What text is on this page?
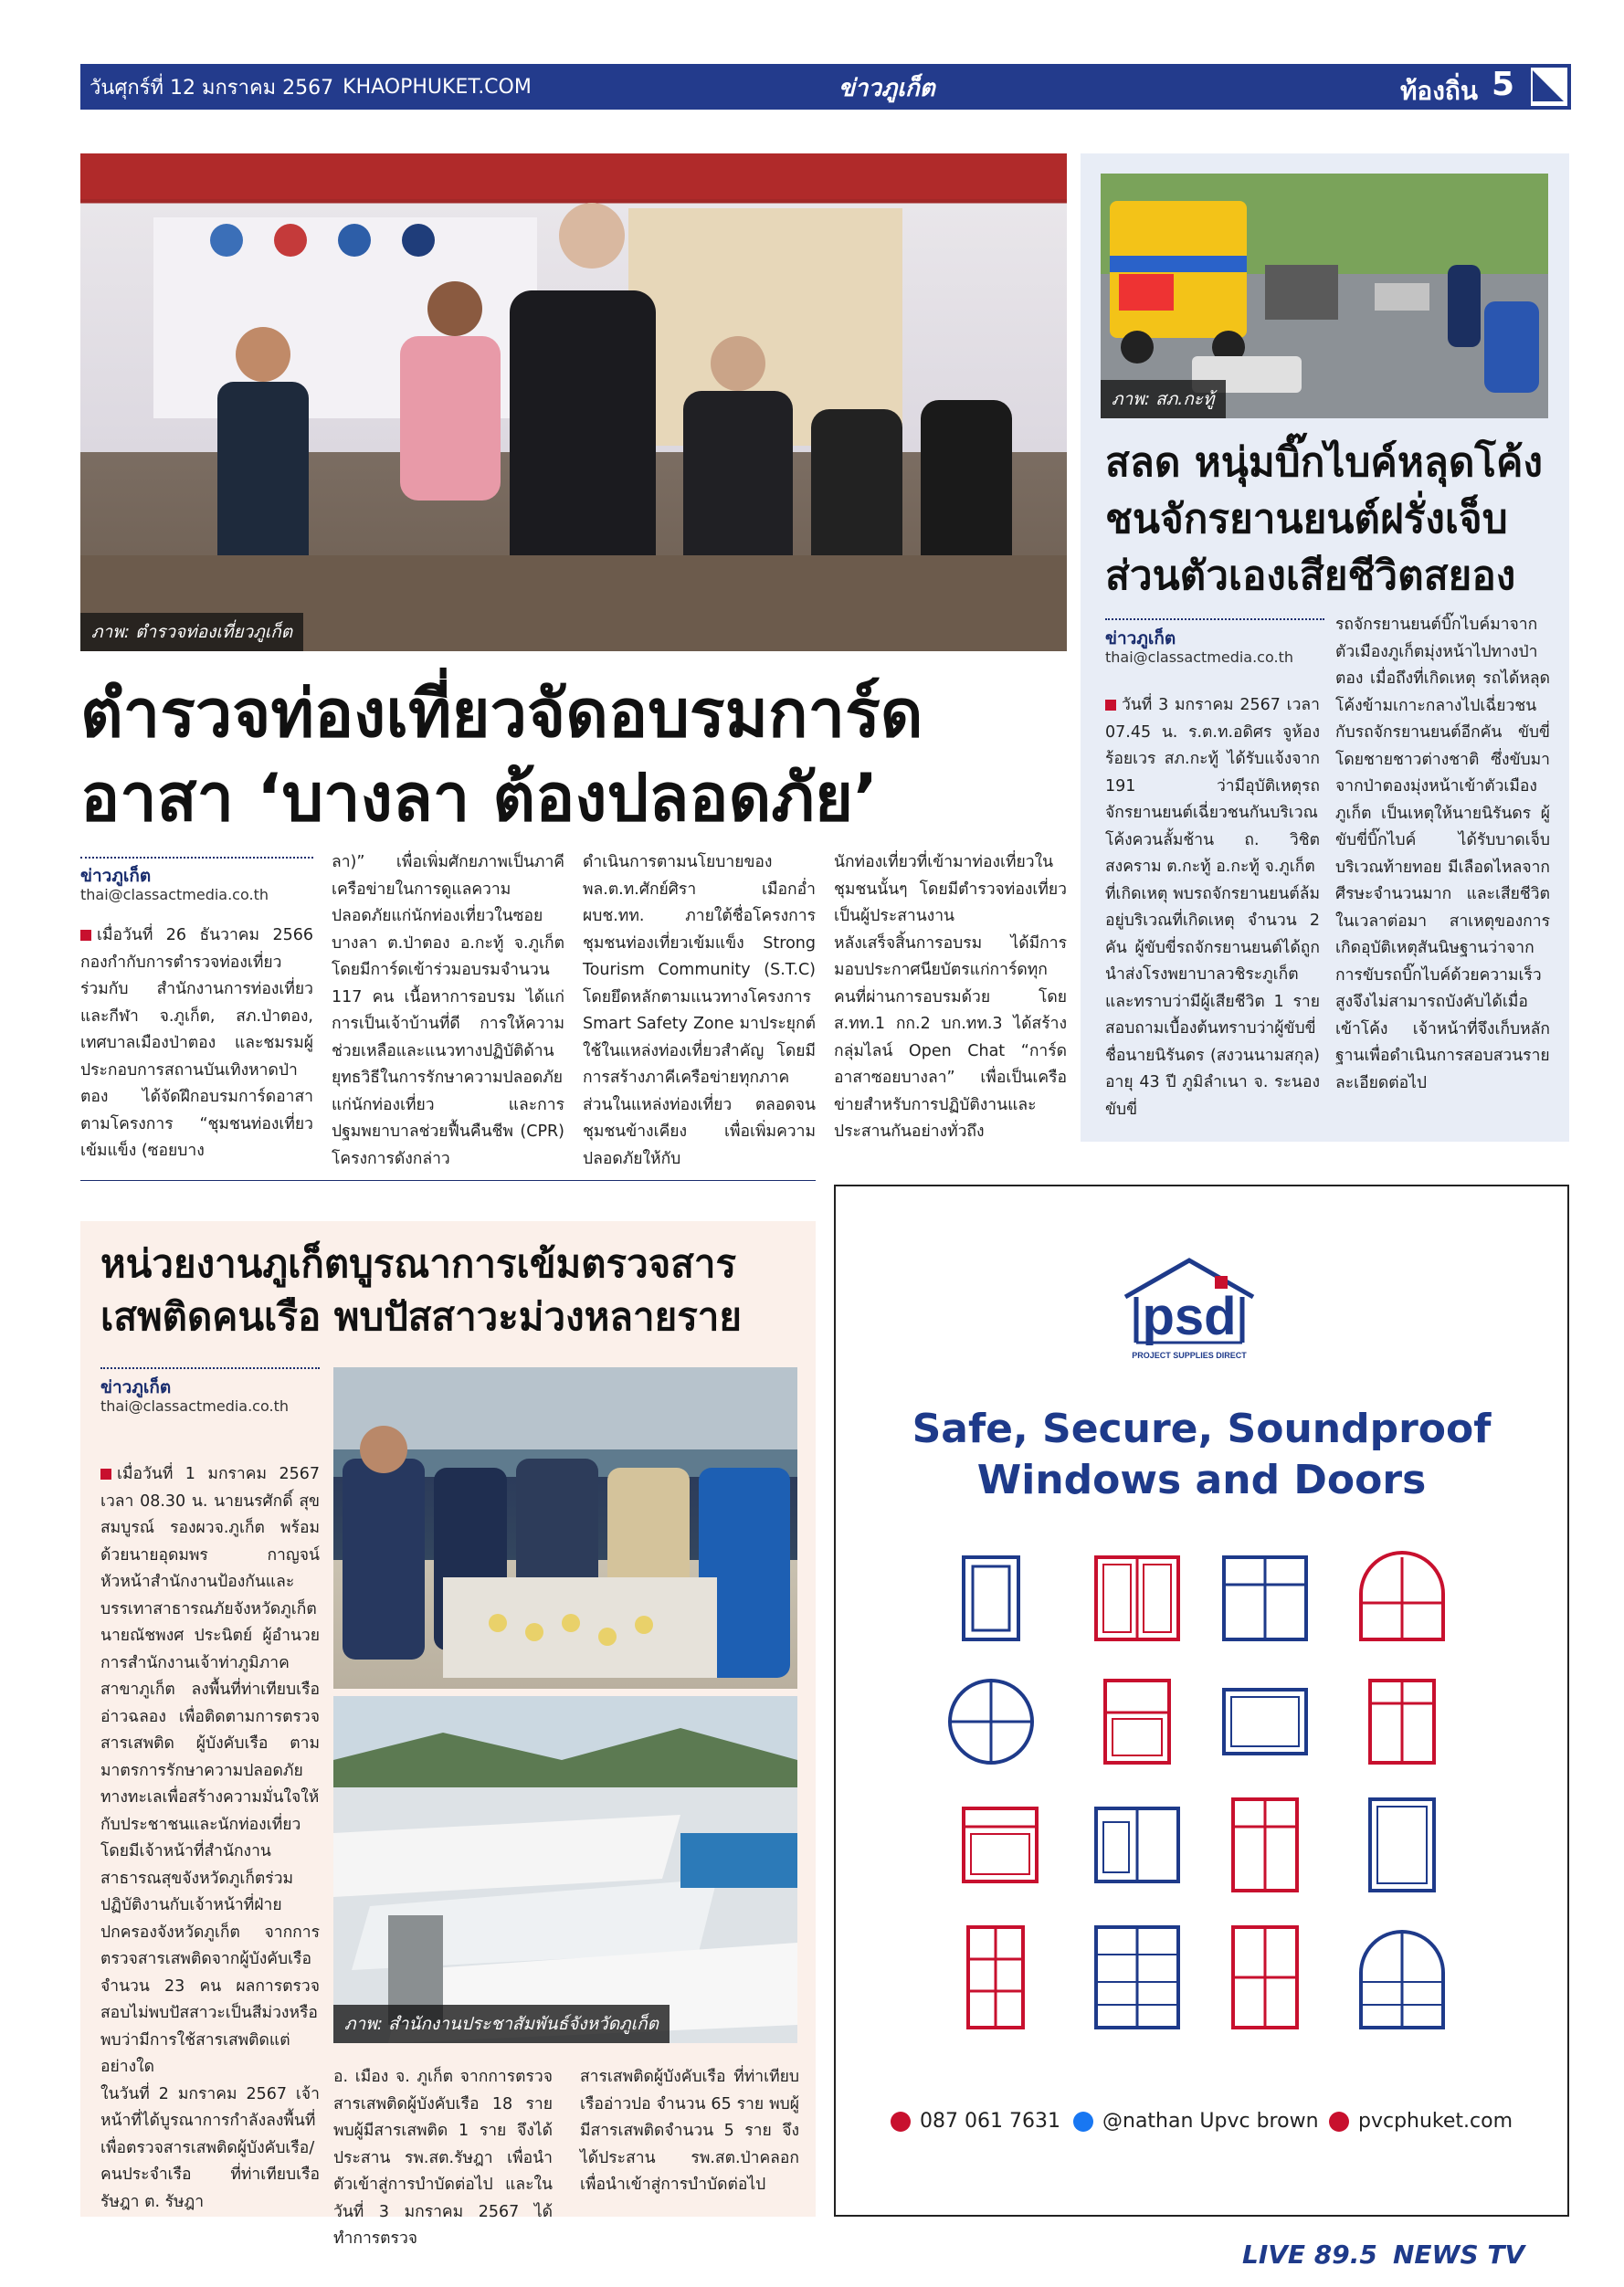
วันศุกร์ที่ 12 มกราคม 2567 KHAOPHUKET.COM	ข่าวภูเก็ต	ท้องถิ่น 5
ภาพ: ตำรวจท่องเที่ยวภูเก็ต
ตำรวจท่องเที่ยวจัดอบรมการ์ด
อาสา ‘บางลา ต้องปลอดภัย’
ข่าวภูเก็ต
thai@classactmedia.co.th
เมื่อวันที่ 26 ธันวาคม 2566 กองกำกับการตำรวจท่องเที่ยว ร่วมกับ สำนักงานการท่องเที่ยวและกีฬา จ.ภูเก็ต, สภ.ป่าตอง, เทศบาลเมืองป่าตอง และชมรมผู้ประกอบการสถานบันเทิงหาดป่าตอง ได้จัดฝึกอบรมการ์ดอาสาตามโครงการ “ชุมชนท่องเที่ยวเข้มแข็ง (ซอยบาง
ลา)” เพื่อเพิ่มศักยภาพเป็นภาคีเครือข่ายในการดูแลความปลอดภัยแก่นักท่องเที่ยวในซอยบางลา ต.ป่าตอง อ.กะทู้ จ.ภูเก็ต โดยมีการ์ดเข้าร่วมอบรมจำนวน 117 คน เนื้อหาการอบรม ได้แก่ การเป็นเจ้าบ้านที่ดี การให้ความช่วยเหลือและแนวทางปฏิบัติด้านยุทธวิธีในการรักษาความปลอดภัยแก่นักท่องเที่ยว และการปฐมพยาบาลช่วยฟื้นคืนชีพ (CPR) โครงการดังกล่าว
ดำเนินการตามนโยบายของ พล.ต.ท.ศักย์ศิรา เมือกอ่ำ ผบช.ทท. ภายใต้ชื่อโครงการชุมชนท่องเที่ยวเข้มแข็ง Strong Tourism Community (S.T.C) โดยยึดหลักตามแนวทางโครงการ Smart Safety Zone มาประยุกต์ใช้ในแหล่งท่องเที่ยวสำคัญ โดยมีการสร้างภาคีเครือข่ายทุกภาคส่วนในแหล่งท่องเที่ยว ตลอดจนชุมชนข้างเคียง เพื่อเพิ่มความปลอดภัยให้กับ
นักท่องเที่ยวที่เข้ามาท่องเที่ยวในชุมชนนั้นๆ โดยมีตำรวจท่องเที่ยวเป็นผู้ประสานงาน
หลังเสร็จสิ้นการอบรม ได้มีการมอบประกาศนียบัตรแก่การ์ดทุกคนที่ผ่านการอบรมด้วย โดย ส.ทท.1 กก.2 บก.ทท.3 ได้สร้างกลุ่มไลน์ Open Chat “การ์ดอาสาซอยบางลา” เพื่อเป็นเครือข่ายสำหรับการปฏิบัติงานและประสานกันอย่างทั่วถึง
ภาพ: สภ.กะทู้
สลด หนุ่มบิ๊กไบค์หลุดโค้ง
ชนจักรยานยนต์ฝรั่งเจ็บ
ส่วนตัวเองเสียชีวิตสยอง
ข่าวภูเก็ต
thai@classactmedia.co.th
วันที่ 3 มกราคม 2567 เวลา 07.45 น. ร.ต.ท.อดิศร จูห้อง ร้อยเวร สภ.กะทู้ ได้รับแจ้งจาก 191 ว่ามีอุบัติเหตุรถจักรยานยนต์เฉี่ยวชนกันบริเวณโค้งควนลั้มช้าน ถ. วิชิตสงคราม ต.กะทู้ อ.กะทู้ จ.ภูเก็ต
ที่เกิดเหตุ พบรถจักรยานยนต์ล้มอยู่บริเวณที่เกิดเหตุ จำนวน 2 คัน ผู้ขับขี่รถจักรยานยนต์ได้ถูกนำส่งโรงพยาบาลวชิระภูเก็ต และทราบว่ามีผู้เสียชีวิต 1 ราย สอบถามเบื้องต้นทราบว่าผู้ขับขี่ชื่อนายนิรันดร (สงวนนามสกุล) อายุ 43 ปี ภูมิลำเนา จ. ระนอง ขับขี่
รถจักรยานยนต์บิ๊กไบค์มาจากตัวเมืองภูเก็ตมุ่งหน้าไปทางป่าตอง เมื่อถึงที่เกิดเหตุ รถได้หลุดโค้งข้ามเกาะกลางไปเฉี่ยวชนกับรถจักรยานยนต์อีกคัน ขับขี่โดยชายชาวต่างชาติ ซึ่งขับมาจากป่าตองมุ่งหน้าเข้าตัวเมืองภูเก็ต เป็นเหตุให้นายนิรันดร ผู้ขับขี่บิ๊กไบค์ ได้รับบาดเจ็บบริเวณท้ายทอย มีเลือดไหลจากศีรษะจำนวนมาก และเสียชีวิตในเวลาต่อมา สาเหตุของการเกิดอุบัติเหตุสันนิษฐานว่าจากการขับรถบิ๊กไบค์ด้วยความเร็วสูงจึงไม่สามารถบังคับได้เมื่อเข้าโค้ง เจ้าหน้าที่จึงเก็บหลักฐานเพื่อดำเนินการสอบสวนรายละเอียดต่อไป
หน่วยงานภูเก็ตบูรณาการเข้มตรวจสาร
เสพติดคนเรือ พบปัสสาวะม่วงหลายราย
ข่าวภูเก็ต
thai@classactmedia.co.th
ภาพ: สำนักงานประชาสัมพันธ์จังหวัดภูเก็ต
เมื่อวันที่ 1 มกราคม 2567 เวลา 08.30 น. นายนรศักดิ์ สุขสมบูรณ์ รองผวจ.ภูเก็ต พร้อมด้วยนายอุดมพร กาญจน์ หัวหน้าสำนักงานป้องกันและบรรเทาสาธารณภัยจังหวัดภูเก็ต นายณัชพงศ ประนิตย์ ผู้อำนวยการสำนักงานเจ้าท่าภูมิภาคสาขาภูเก็ต ลงพื้นที่ท่าเทียบเรืออ่าวฉลอง เพื่อติดตามการตรวจสารเสพติด ผู้บังคับเรือ ตามมาตรการรักษาความปลอดภัยทางทะเลเพื่อสร้างความมั่นใจให้กับประชาชนและนักท่องเที่ยว โดยมีเจ้าหน้าที่สำนักงานสาธารณสุขจังหวัดภูเก็ตร่วมปฏิบัติงานกับเจ้าหน้าที่ฝ่ายปกครองจังหวัดภูเก็ต จากการตรวจสารเสพติดจากผู้บังคับเรือจำนวน 23 คน ผลการตรวจสอบไม่พบปัสสาวะเป็นสีม่วงหรือพบว่ามีการใช้สารเสพติดแต่อย่างใด
ในวันที่ 2 มกราคม 2567 เจ้าหน้าที่ได้บูรณาการกำลังลงพื้นที่เพื่อตรวจสารเสพติดผู้บังคับเรือ/คนประจำเรือ ที่ท่าเทียบเรือรัษฎา ต. รัษฎา
อ. เมือง จ. ภูเก็ต จากการตรวจสารเสพติดผู้บังคับเรือ 18 ราย พบผู้มีสารเสพติด 1 ราย จึงได้ประสาน รพ.สต.รัษฎา เพื่อนำตัวเข้าสู่การบำบัดต่อไป และในวันที่ 3 มกราคม 2567 ได้ทำการตรวจ
สารเสพติดผู้บังคับเรือ ที่ท่าเทียบเรืออ่าวปอ จำนวน 65 ราย พบผู้มีสารเสพติดจำนวน 5 ราย จึงได้ประสาน รพ.สต.ป่าคลอก เพื่อนำเข้าสู่การบำบัดต่อไป
psd
PROJECT SUPPLIES DIRECT
Safe, Secure, Soundproof
Windows and Doors
087 061 7631 @nathan Upvc brown pvcphuket.com
LIVE 89.5 NEWS TV
